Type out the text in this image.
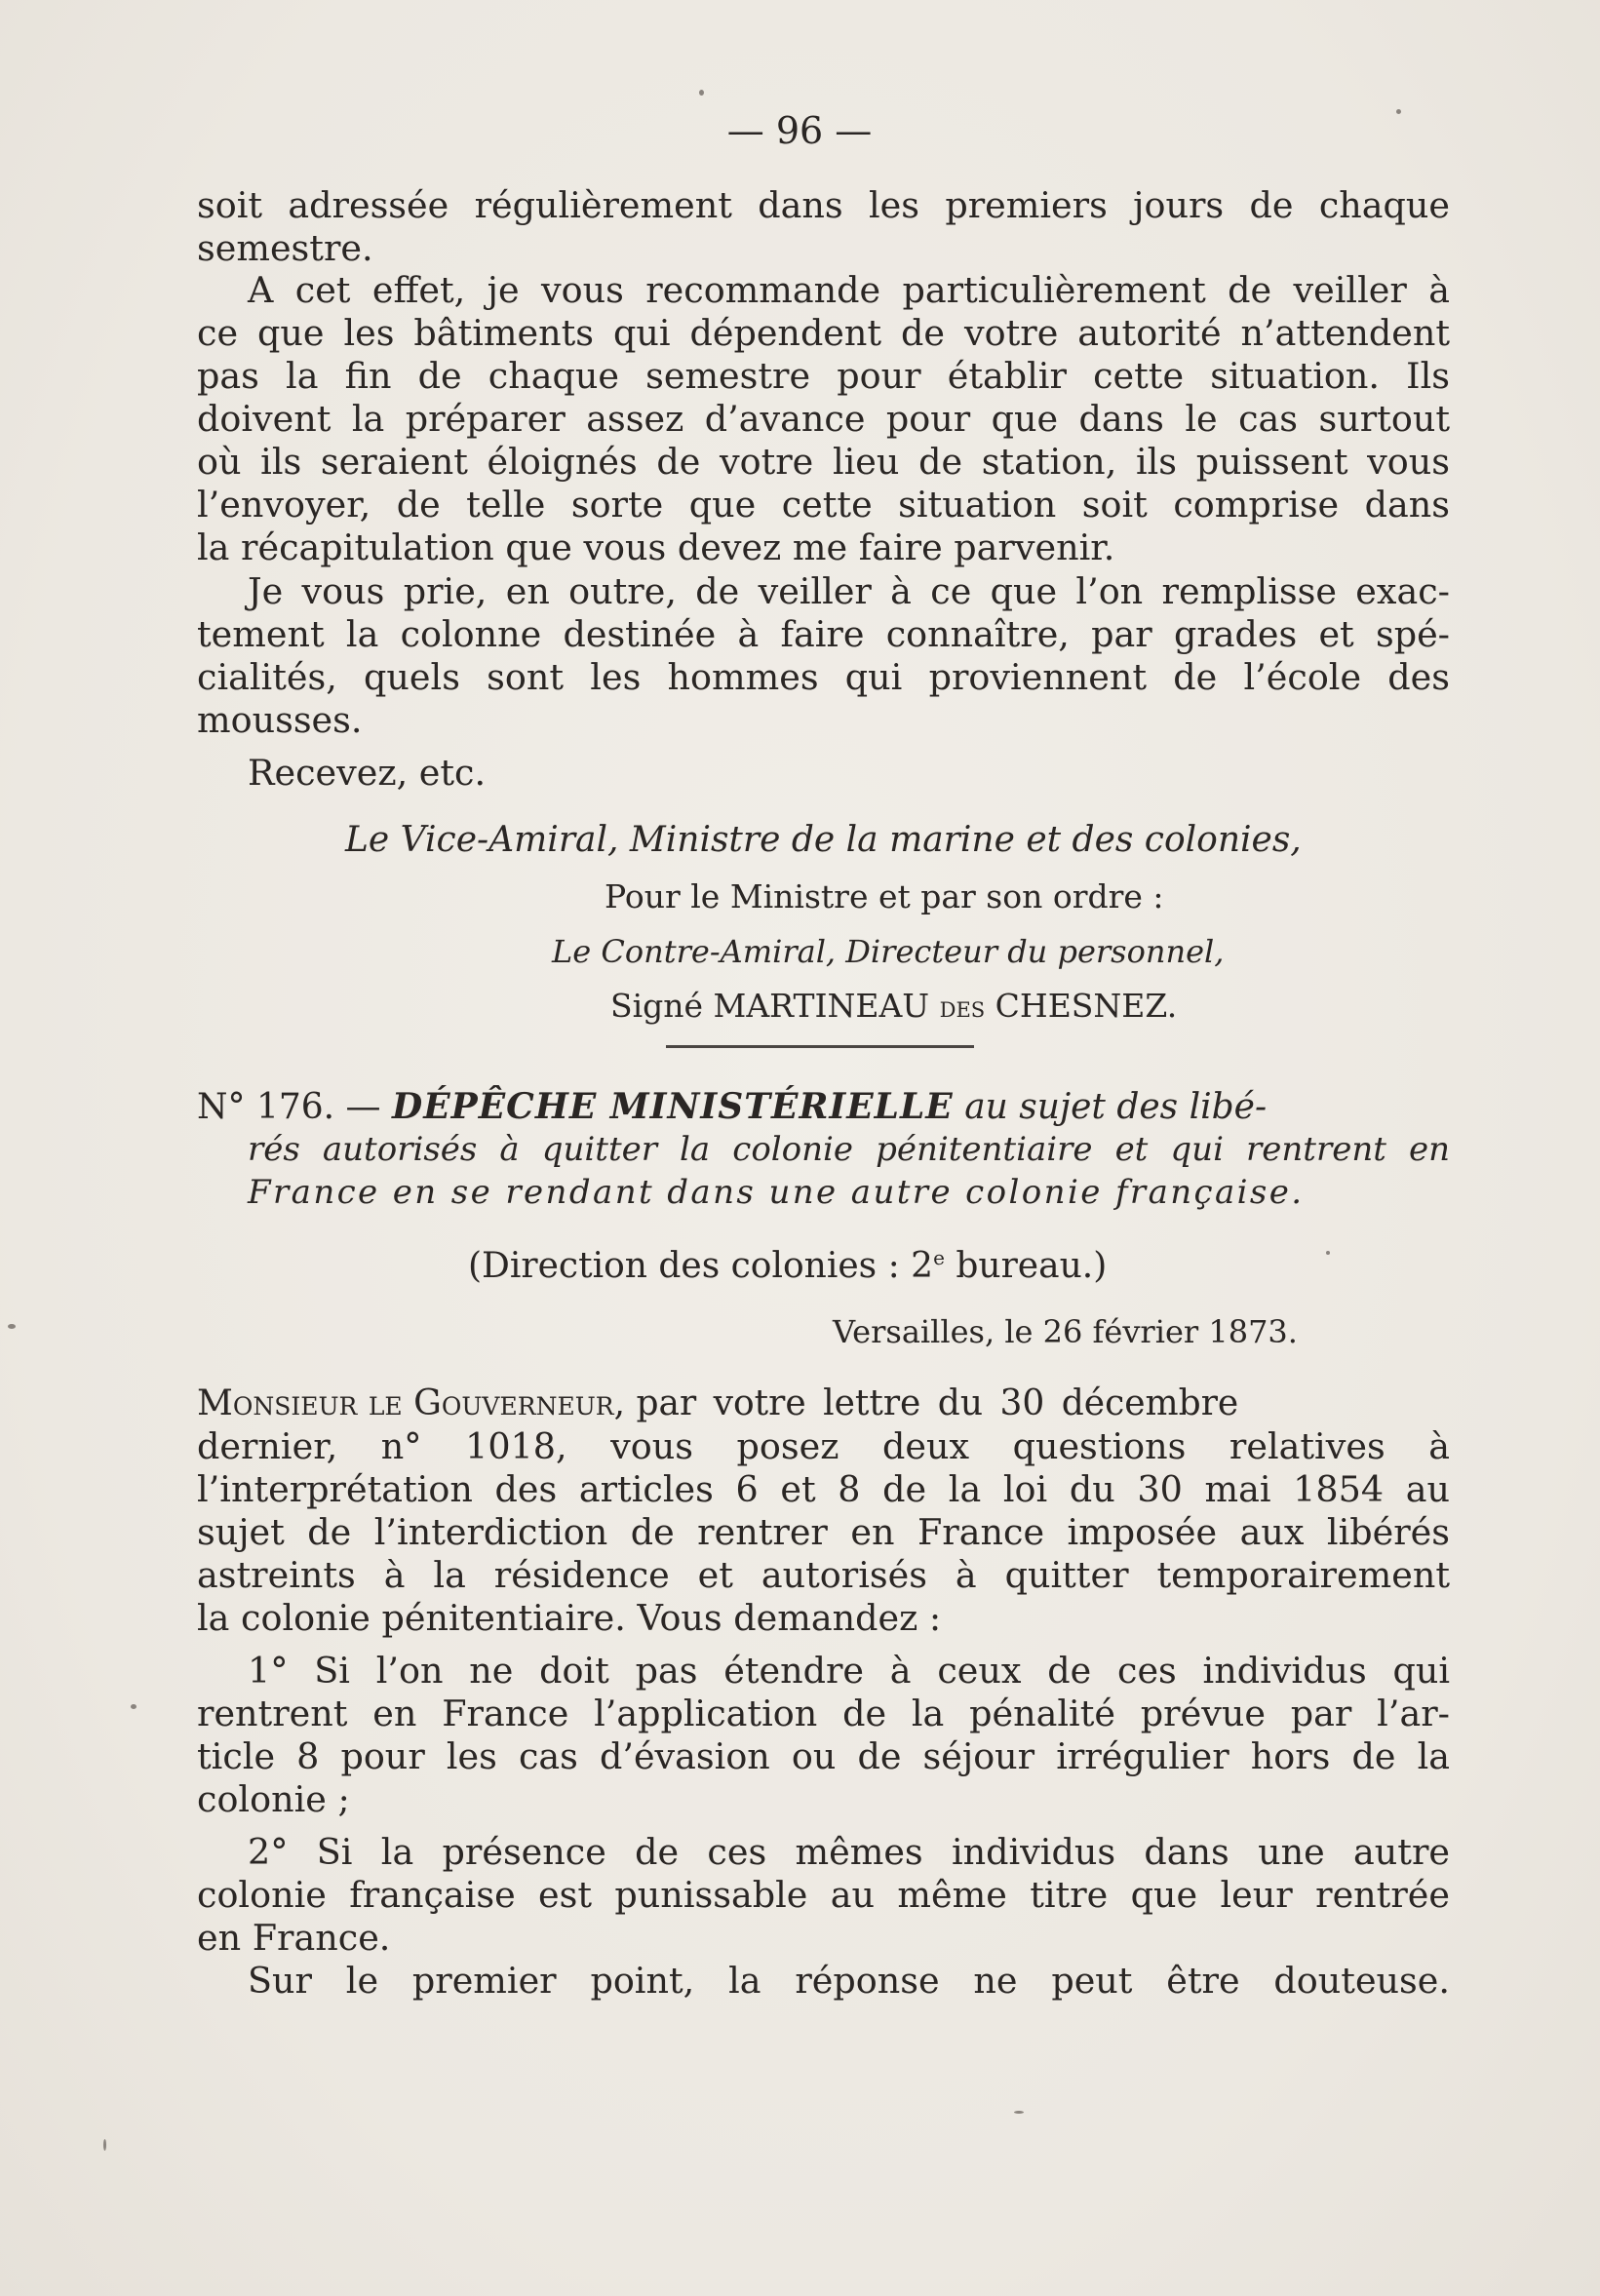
— 96 —
soit adressée régulièrement dans les premiers jours de chaque
semestre.
A cet effet, je vous recommande particulièrement de veiller à
ce que les bâtiments qui dépendent de votre autorité n’attendent
pas la fin de chaque semestre pour établir cette situation. Ils
doivent la préparer assez d’avance pour que dans le cas surtout
où ils seraient éloignés de votre lieu de station, ils puissent vous
l’envoyer, de telle sorte que cette situation soit comprise dans
la récapitulation que vous devez me faire parvenir.
Je vous prie, en outre, de veiller à ce que l’on remplisse exac-
tement la colonne destinée à faire connaître, par grades et spé-
cialités, quels sont les hommes qui proviennent de l’école des
mousses.
Recevez, etc.
Le Vice-Amiral, Ministre de la marine et des colonies,
Pour le Ministre et par son ordre :
Le Contre-Amiral, Directeur du personnel,
Signé MARTINEAU des CHESNEZ.
N° 176. — DÉPÊCHE MINISTÉRIELLE au sujet des libé-
rés autorisés à quitter la colonie pénitentiaire et qui rentrent en
France en se rendant dans une autre colonie française.
(Direction des colonies : 2e bureau.)
Versailles, le 26 février 1873.
Monsieur le Gouverneur, par votre lettre du 30 décembre
dernier, n° 1018, vous posez deux questions relatives à
l’interprétation des articles 6 et 8 de la loi du 30 mai 1854 au
sujet de l’interdiction de rentrer en France imposée aux libérés
astreints à la résidence et autorisés à quitter temporairement
la colonie pénitentiaire. Vous demandez :
1° Si l’on ne doit pas étendre à ceux de ces individus qui
rentrent en France l’application de la pénalité prévue par l’ar-
ticle 8 pour les cas d’évasion ou de séjour irrégulier hors de la
colonie ;
2° Si la présence de ces mêmes individus dans une autre
colonie française est punissable au même titre que leur rentrée
en France.
Sur le premier point, la réponse ne peut être douteuse.
